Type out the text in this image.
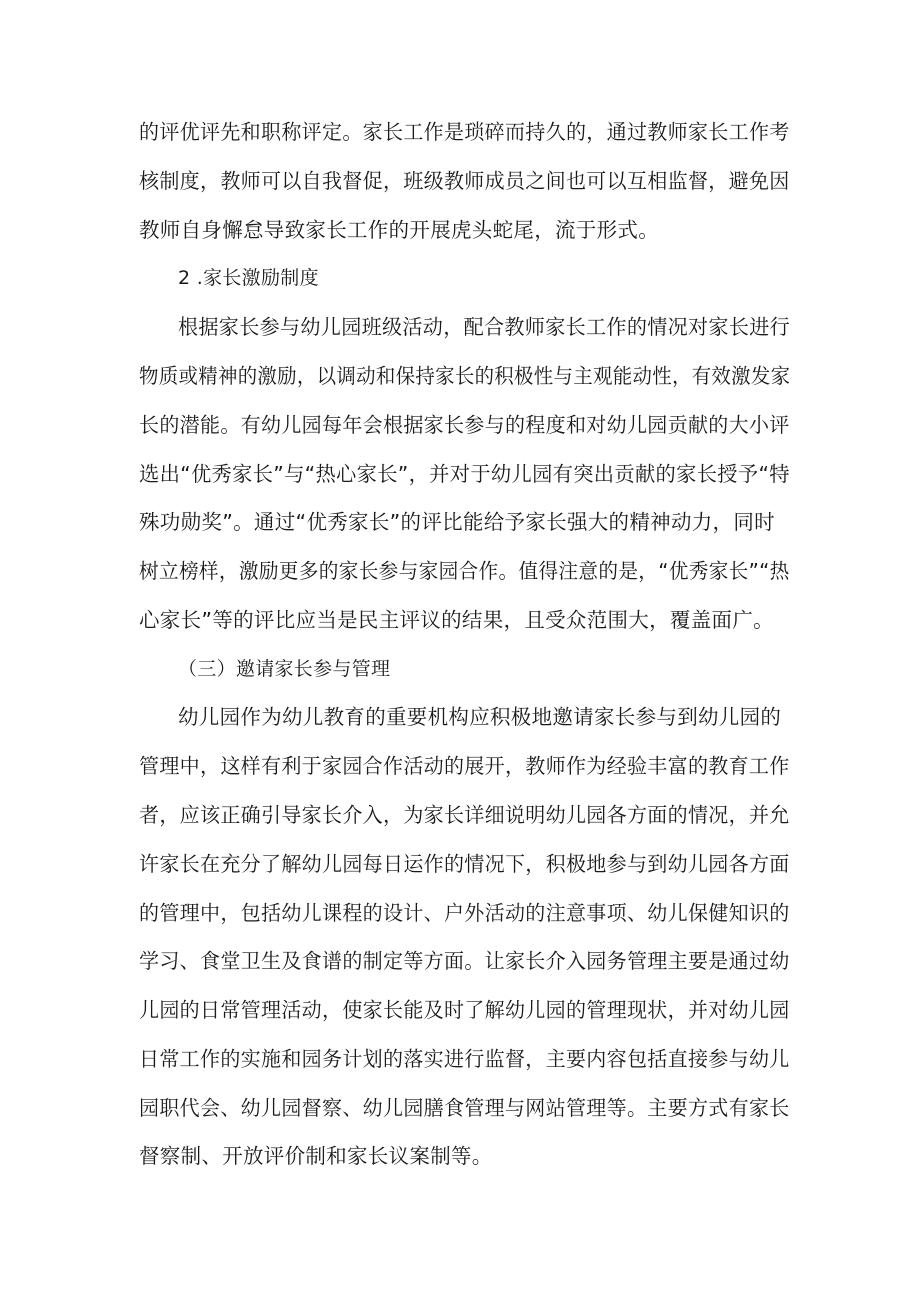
的评优评先和职称评定。家长工作是琐碎而持久的，通过教师家长工作考
核制度，教师可以自我督促，班级教师成员之间也可以互相监督，避免因
教师自身懈怠导致家长工作的开展虎头蛇尾，流于形式。
2 .家长激励制度
根据家长参与幼儿园班级活动，配合教师家长工作的情况对家长进行
物质或精神的激励，以调动和保持家长的积极性与主观能动性，有效激发家
长的潜能。有幼儿园每年会根据家长参与的程度和对幼儿园贡献的大小评
选出“优秀家长”与“热心家长”，并对于幼儿园有突出贡献的家长授予“特
殊功勋奖”。通过“优秀家长”的评比能给予家长强大的精神动力，同时
树立榜样，激励更多的家长参与家园合作。值得注意的是，“优秀家长”“热
心家长”等的评比应当是民主评议的结果，且受众范围大，覆盖面广。
（三）邀请家长参与管理
幼儿园作为幼儿教育的重要机构应积极地邀请家长参与到幼儿园的
管理中，这样有利于家园合作活动的展开，教师作为经验丰富的教育工作
者，应该正确引导家长介入，为家长详细说明幼儿园各方面的情况，并允
许家长在充分了解幼儿园每日运作的情况下，积极地参与到幼儿园各方面
的管理中，包括幼儿课程的设计、户外活动的注意事项、幼儿保健知识的
学习、食堂卫生及食谱的制定等方面。让家长介入园务管理主要是通过幼
儿园的日常管理活动，使家长能及时了解幼儿园的管理现状，并对幼儿园
日常工作的实施和园务计划的落实进行监督，主要内容包括直接参与幼儿
园职代会、幼儿园督察、幼儿园膳食管理与网站管理等。主要方式有家长
督察制、开放评价制和家长议案制等。
